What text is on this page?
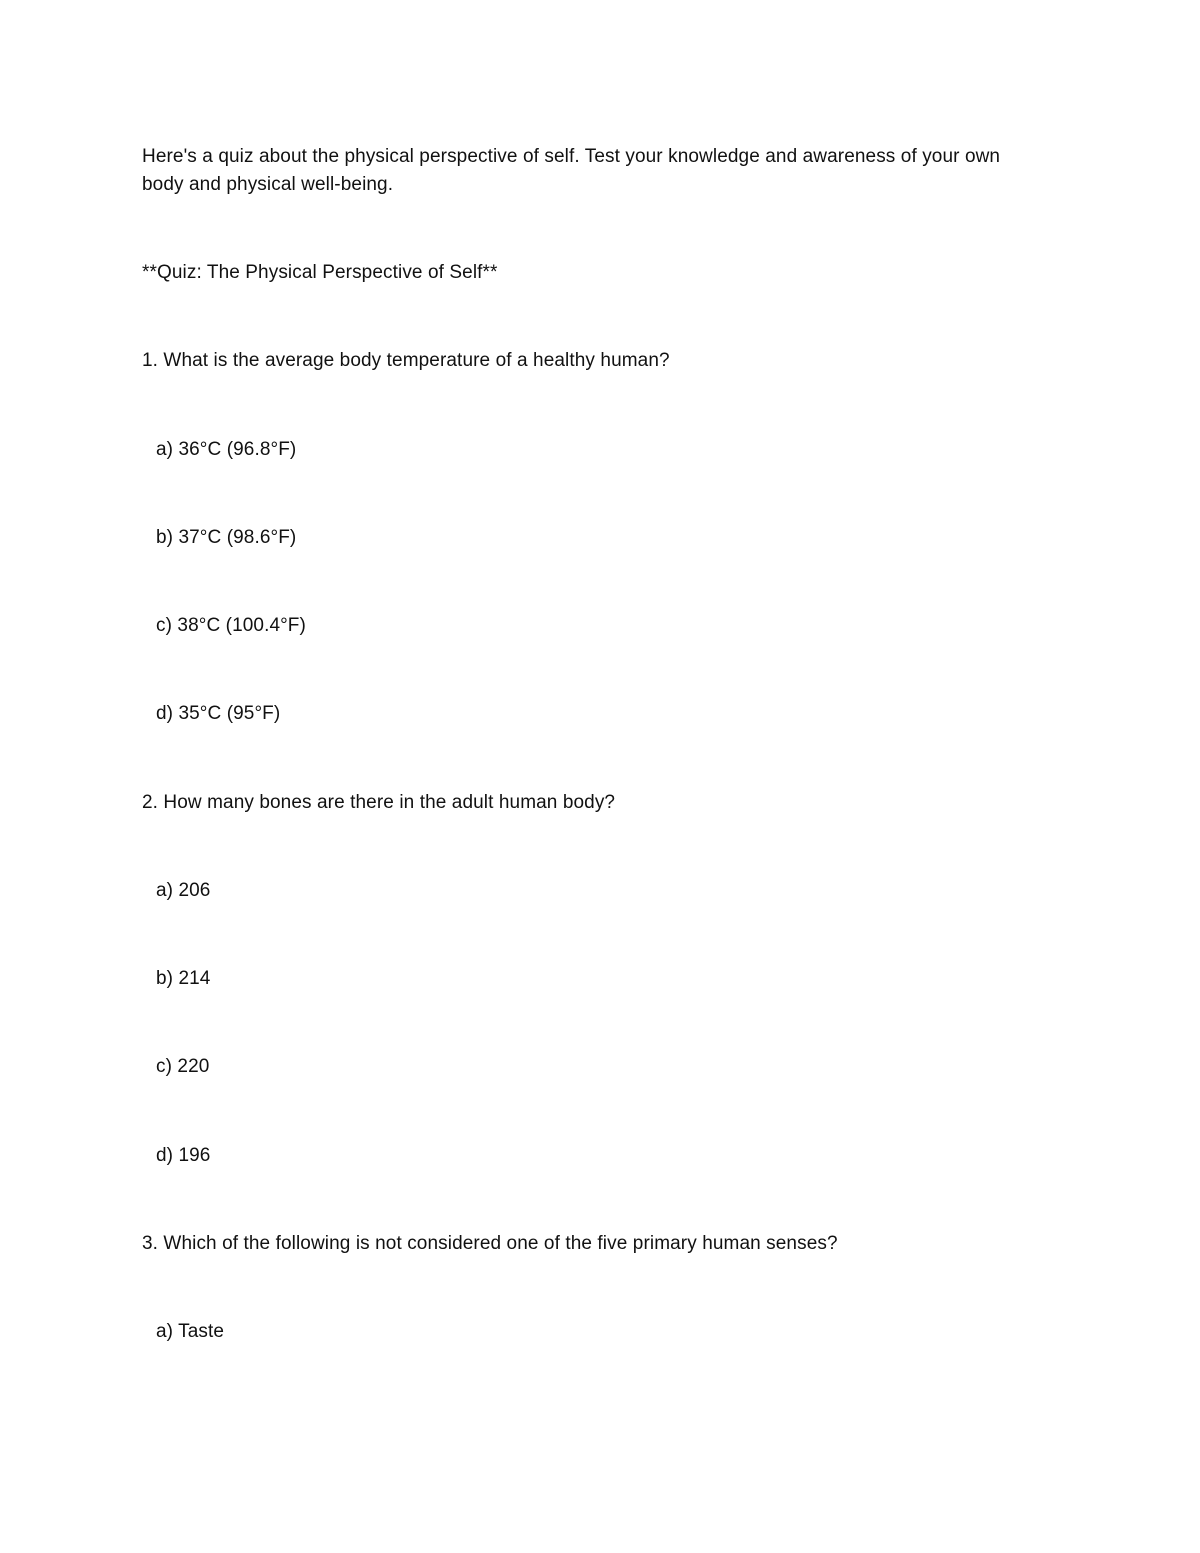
Here's a quiz about the physical perspective of self. Test your knowledge and awareness of your own
body and physical well-being.
**Quiz: The Physical Perspective of Self**
1. What is the average body temperature of a healthy human?
a) 36°C (96.8°F)
b) 37°C (98.6°F)
c) 38°C (100.4°F)
d) 35°C (95°F)
2. How many bones are there in the adult human body?
a) 206
b) 214
c) 220
d) 196
3. Which of the following is not considered one of the five primary human senses?
a) Taste
